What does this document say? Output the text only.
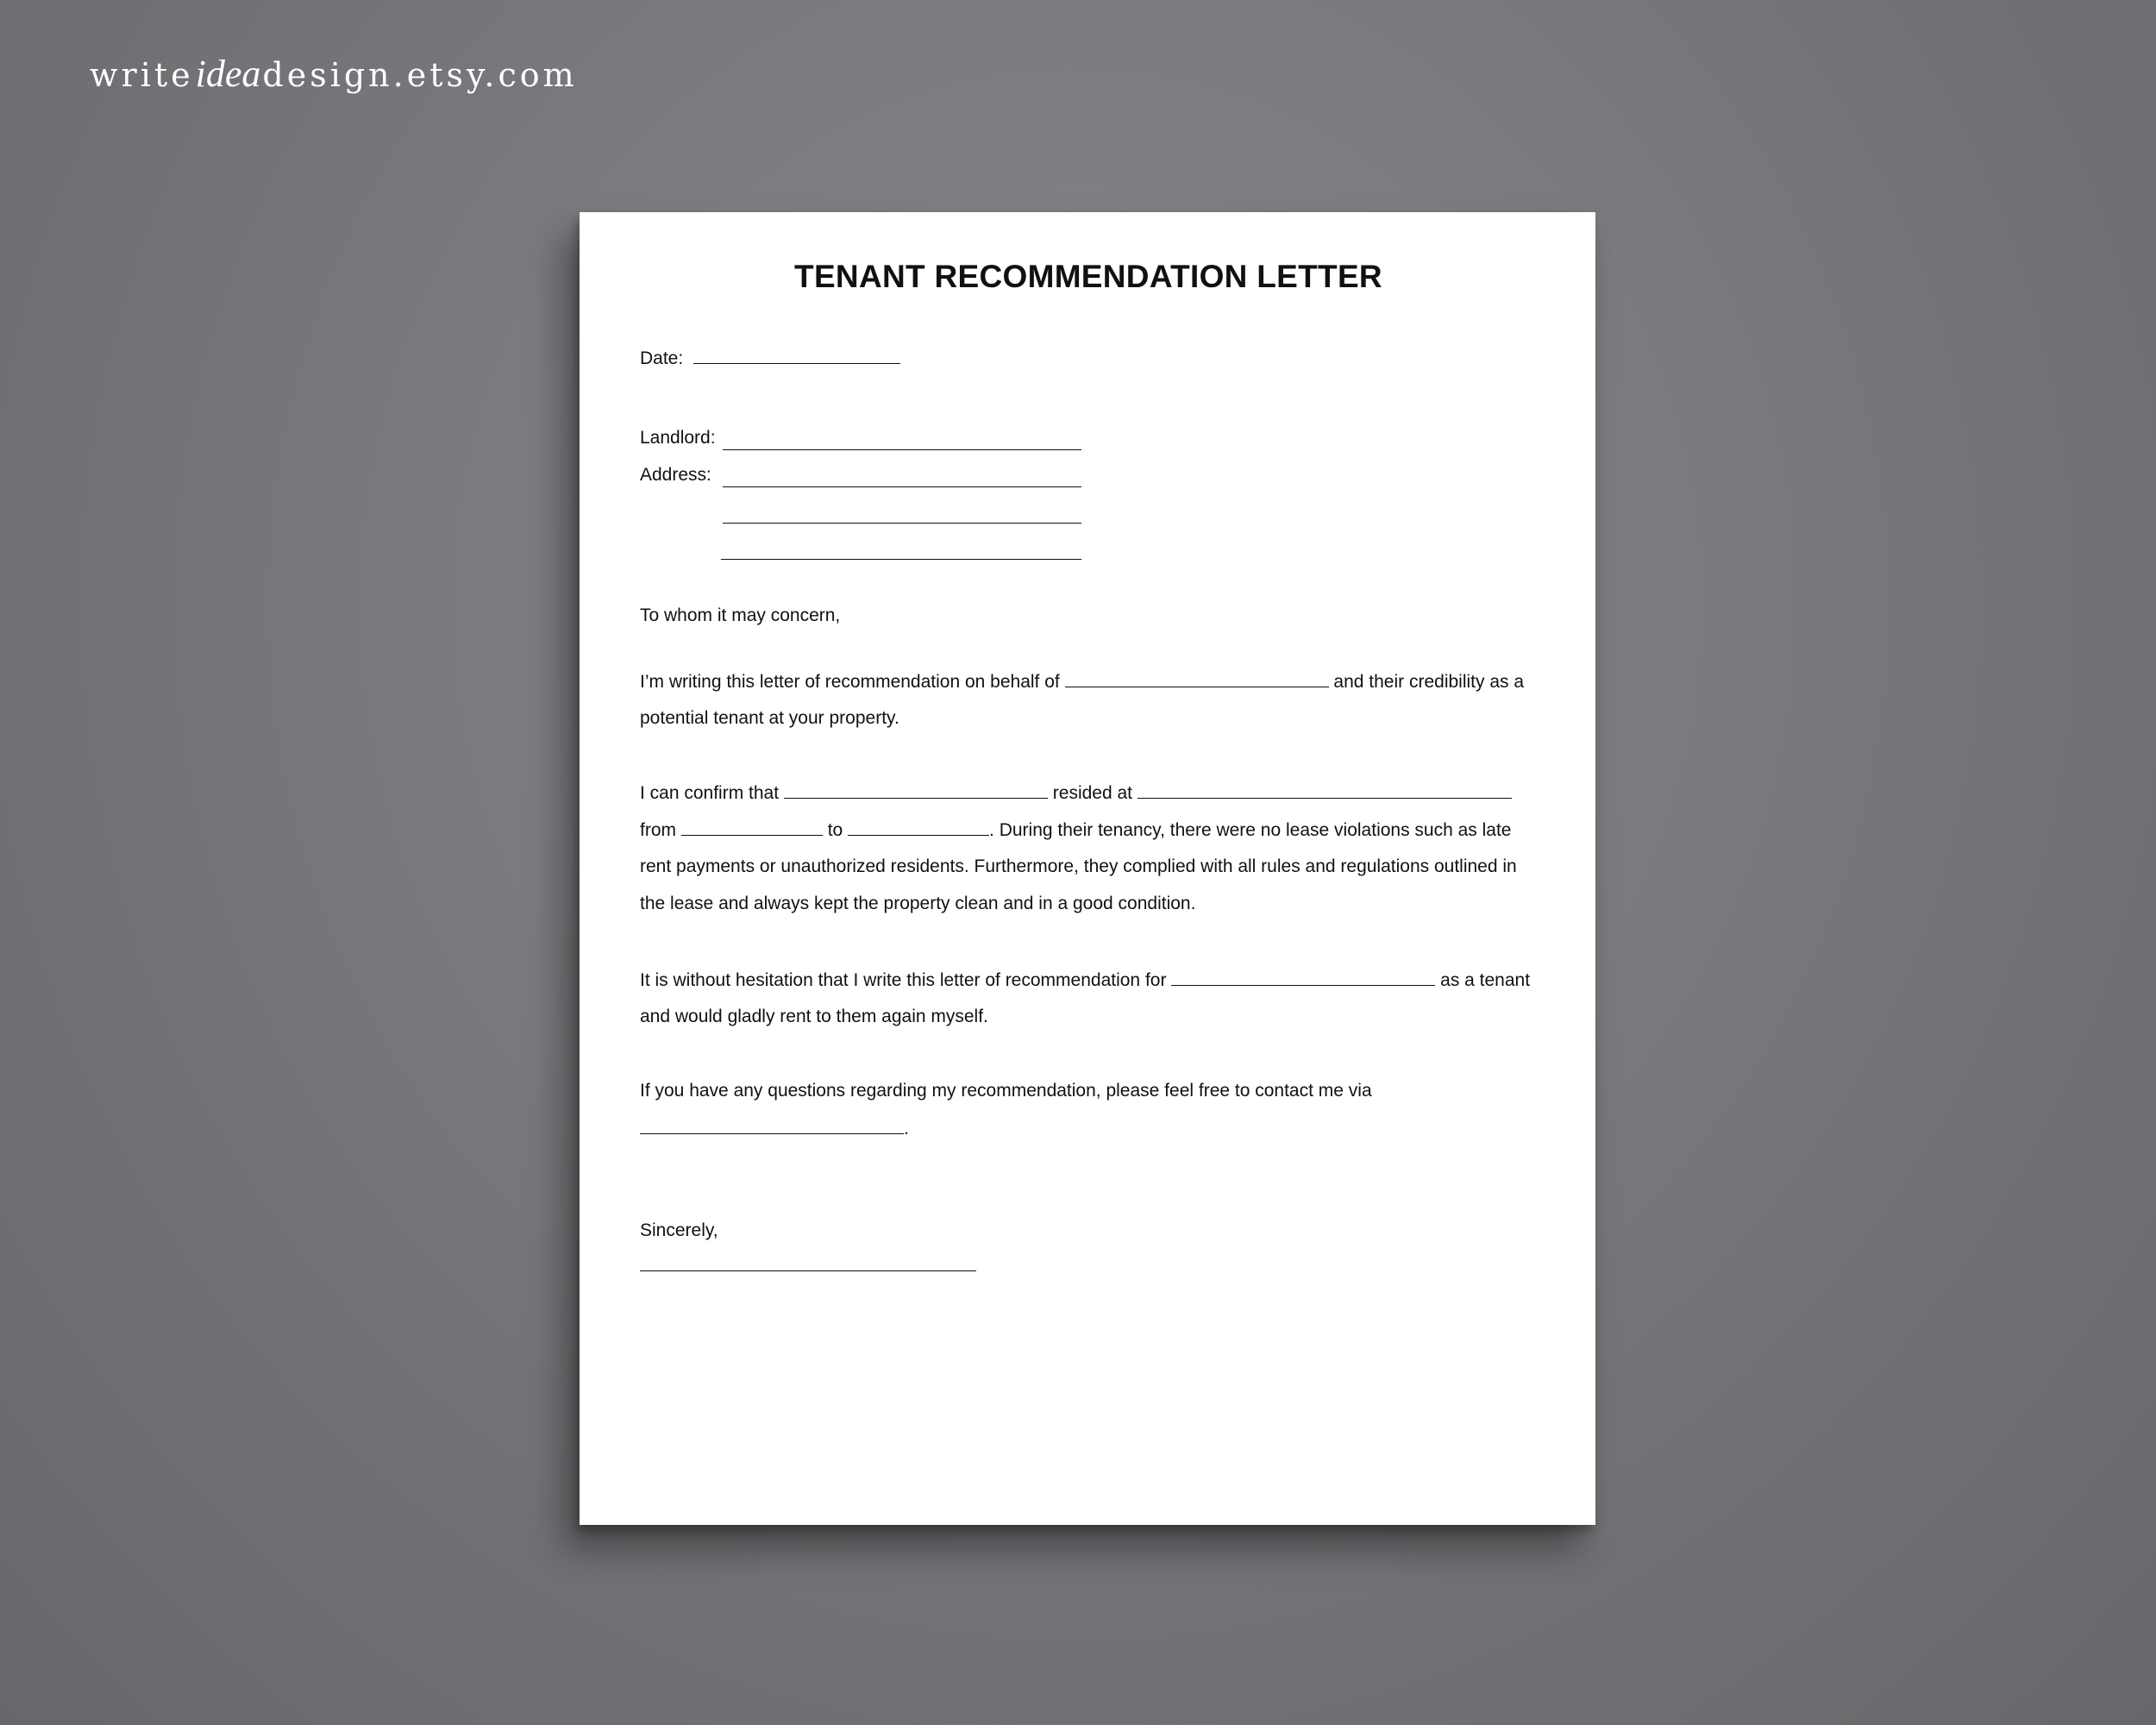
writeideadesign.etsy.com
TENANT RECOMMENDATION LETTER
Date:
Landlord:
Address:
To whom it may concern,
I’m writing this letter of recommendation on behalf of	and their credibility as a
potential tenant at your property.
I can confirm that	resided at
from	to	. During their tenancy, there were no lease violations such as late
rent payments or unauthorized residents. Furthermore, they complied with all rules and regulations outlined in
the lease and always kept the property clean and in a good condition.
It is without hesitation that I write this letter of recommendation for	as a tenant
and would gladly rent to them again myself.
If you have any questions regarding my recommendation, please feel free to contact me via
.
Sincerely,
